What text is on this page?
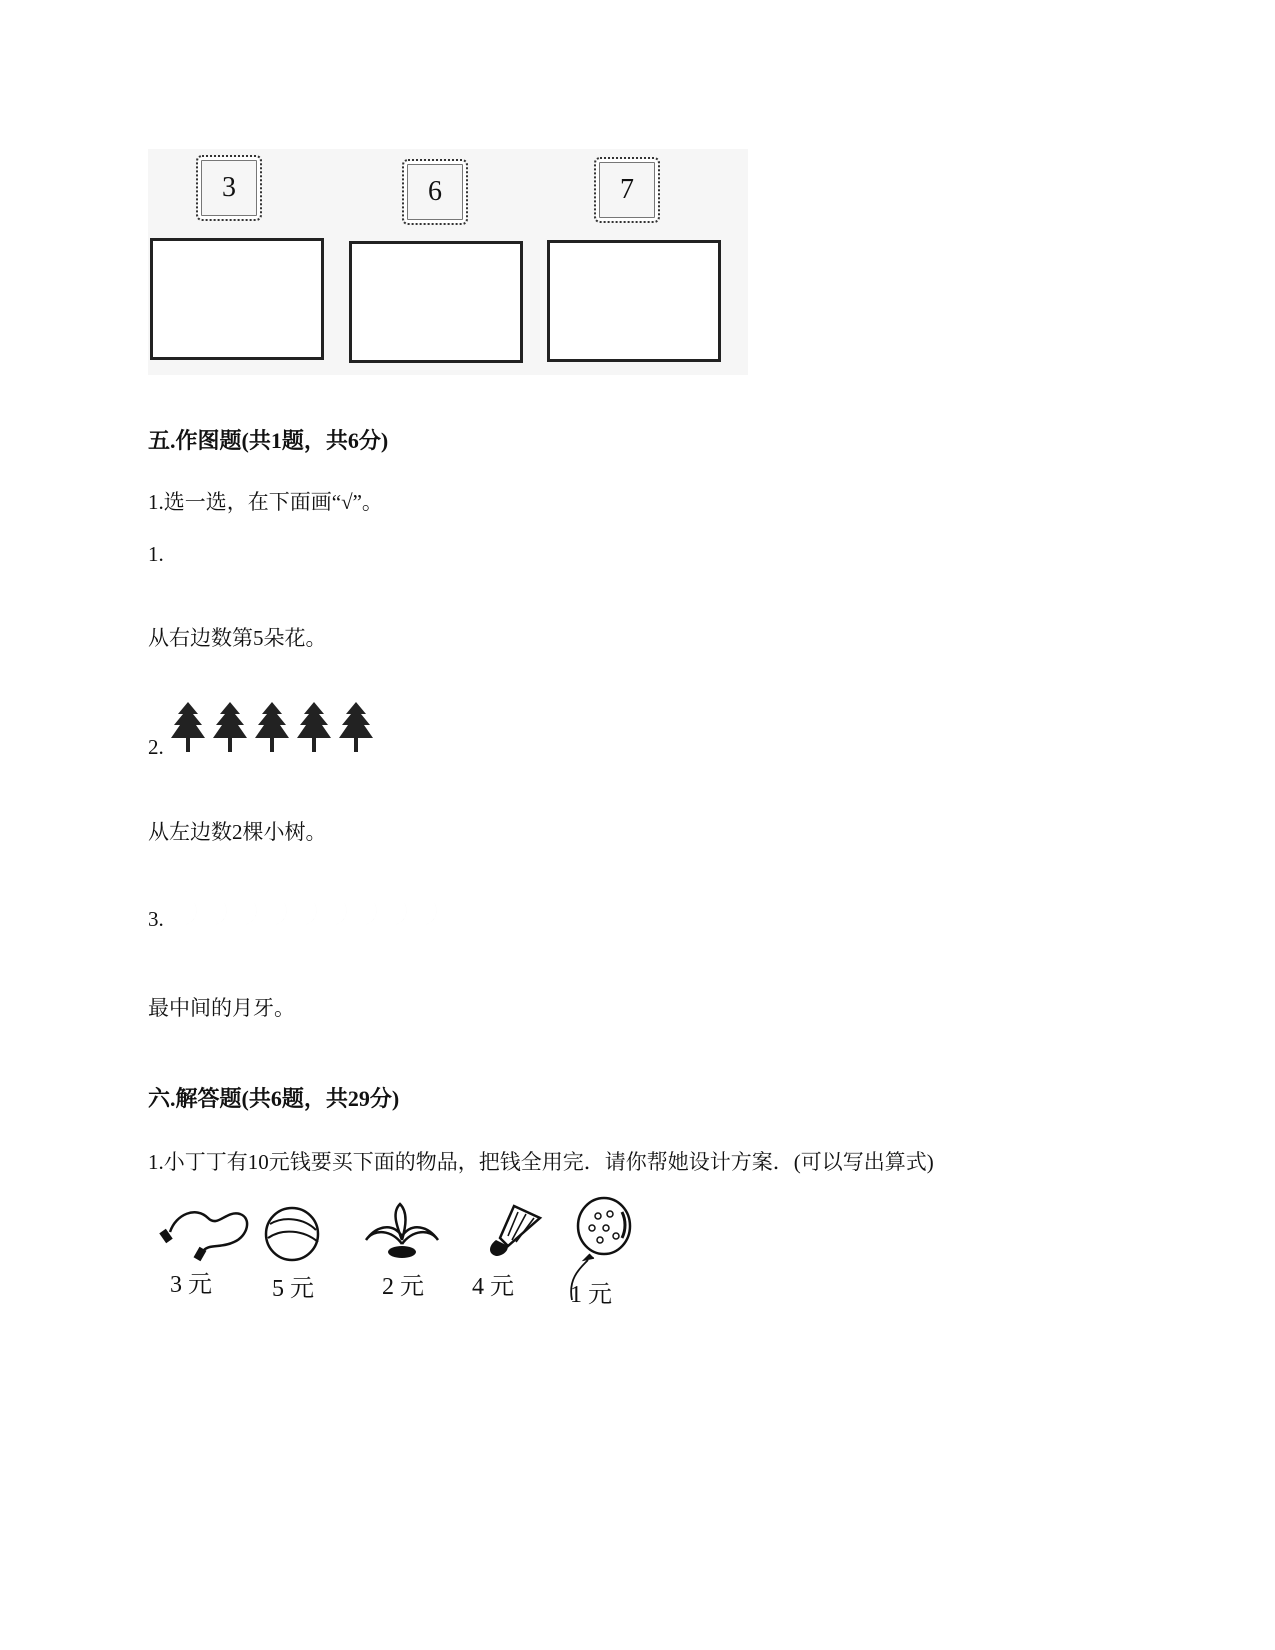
3	6	7
五.作图题(共1题，共6分)
1.选一选，在下面画“√”。
1.
从右边数第5朵花。
2.
从左边数2棵小树。
3.
最中间的月牙。
六.解答题(共6题，共29分)
1.小丁丁有10元钱要买下面的物品，把钱全用完．请你帮她设计方案．(可以写出算式)
3 元	5 元	2 元 4 元 1 元
